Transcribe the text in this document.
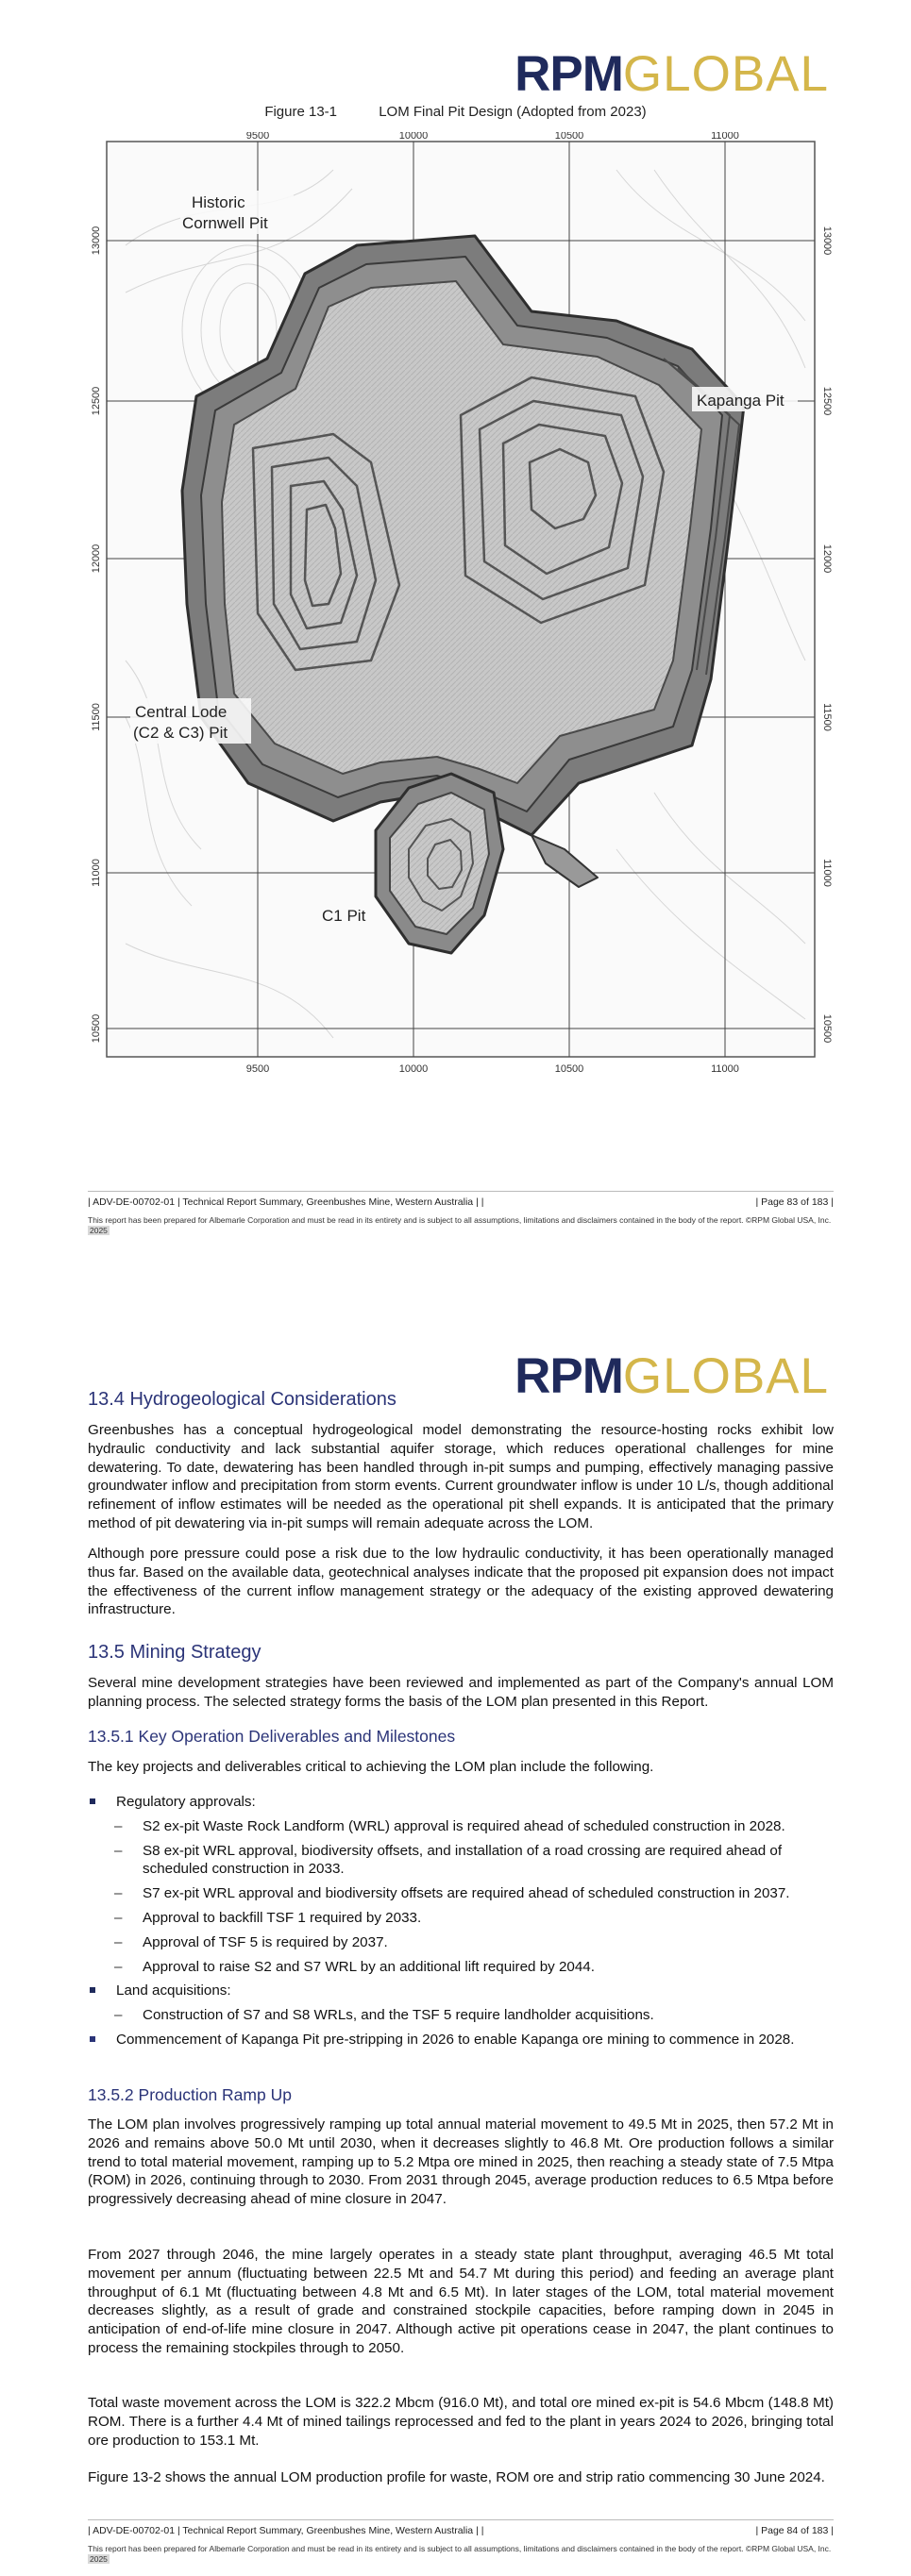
RPMGLOBAL
Figure 13-1	LOM Final Pit Design (Adopted from 2023)
9500	10000	10500	11000
9500	10000	10500	11000
13000
12500
12000
11500
11000
10500
13000
12500
12000
11500
11000
10500
Historic
Cornwell Pit
Kapanga Pit
Central Lode
(C2 & C3) Pit
C1 Pit
| ADV-DE-00702-01 | Technical Report Summary, Greenbushes Mine, Western Australia | |	| Page 83 of 183 |
This report has been prepared for Albemarle Corporation and must be read in its entirety and is subject to all assumptions, limitations and disclaimers contained in the body of the report. ©RPM Global USA, Inc. 2025
RPMGLOBAL
13.4 Hydrogeological Considerations

Greenbushes has a conceptual hydrogeological model demonstrating the resource-hosting rocks exhibit low hydraulic conductivity and lack substantial aquifer storage, which reduces operational challenges for mine dewatering. To date, dewatering has been handled through in-pit sumps and pumping, effectively managing passive groundwater inflow and precipitation from storm events. Current groundwater inflow is under 10 L/s, though additional refinement of inflow estimates will be needed as the operational pit shell expands. It is anticipated that the primary method of pit dewatering via in-pit sumps will remain adequate across the LOM.

Although pore pressure could pose a risk due to the low hydraulic conductivity, it has been operationally managed thus far. Based on the available data, geotechnical analyses indicate that the proposed pit expansion does not impact the effectiveness of the current inflow management strategy or the adequacy of the existing approved dewatering infrastructure.

13.5 Mining Strategy

Several mine development strategies have been reviewed and implemented as part of the Company's annual LOM planning process. The selected strategy forms the basis of the LOM plan presented in this Report.

13.5.1 Key Operation Deliverables and Milestones

The key projects and deliverables critical to achieving the LOM plan include the following.

Regulatory approvals:
– S2 ex-pit Waste Rock Landform (WRL) approval is required ahead of scheduled construction in 2028.
– S8 ex-pit WRL approval, biodiversity offsets, and installation of a road crossing are required ahead of scheduled construction in 2033.
– S7 ex-pit WRL approval and biodiversity offsets are required ahead of scheduled construction in 2037.
– Approval to backfill TSF 1 required by 2033.
– Approval of TSF 5 is required by 2037.
– Approval to raise S2 and S7 WRL by an additional lift required by 2044.
Land acquisitions:
– Construction of S7 and S8 WRLs, and the TSF 5 require landholder acquisitions.
Commencement of Kapanga Pit pre-stripping in 2026 to enable Kapanga ore mining to commence in 2028.
13.5.2 Production Ramp Up

The LOM plan involves progressively ramping up total annual material movement to 49.5 Mt in 2025, then 57.2 Mt in 2026 and remains above 50.0 Mt until 2030, when it decreases slightly to 46.8 Mt. Ore production follows a similar trend to total material movement, ramping up to 5.2 Mtpa ore mined in 2025, then reaching a steady state of 7.5 Mtpa (ROM) in 2026, continuing through to 2030. From 2031 through 2045, average production reduces to 6.5 Mtpa before progressively decreasing ahead of mine closure in 2047.

From 2027 through 2046, the mine largely operates in a steady state plant throughput, averaging 46.5 Mt total movement per annum (fluctuating between 22.5 Mt and 54.7 Mt during this period) and feeding an average plant throughput of 6.1 Mt (fluctuating between 4.8 Mt and 6.5 Mt). In later stages of the LOM, total material movement decreases slightly, as a result of grade and constrained stockpile capacities, before ramping down in 2045 in anticipation of end-of-life mine closure in 2047. Although active pit operations cease in 2047, the plant continues to process the remaining stockpiles through to 2050.

Total waste movement across the LOM is 322.2 Mbcm (916.0 Mt), and total ore mined ex-pit is 54.6 Mbcm (148.8 Mt) ROM. There is a further 4.4 Mt of mined tailings reprocessed and fed to the plant in years 2024 to 2026, bringing total ore production to 153.1 Mt.

Figure 13-2 shows the annual LOM production profile for waste, ROM ore and strip ratio commencing 30 June 2024.

| ADV-DE-00702-01 | Technical Report Summary, Greenbushes Mine, Western Australia | |	| Page 84 of 183 |
This report has been prepared for Albemarle Corporation and must be read in its entirety and is subject to all assumptions, limitations and disclaimers contained in the body of the report. ©RPM Global USA, Inc. 2025
